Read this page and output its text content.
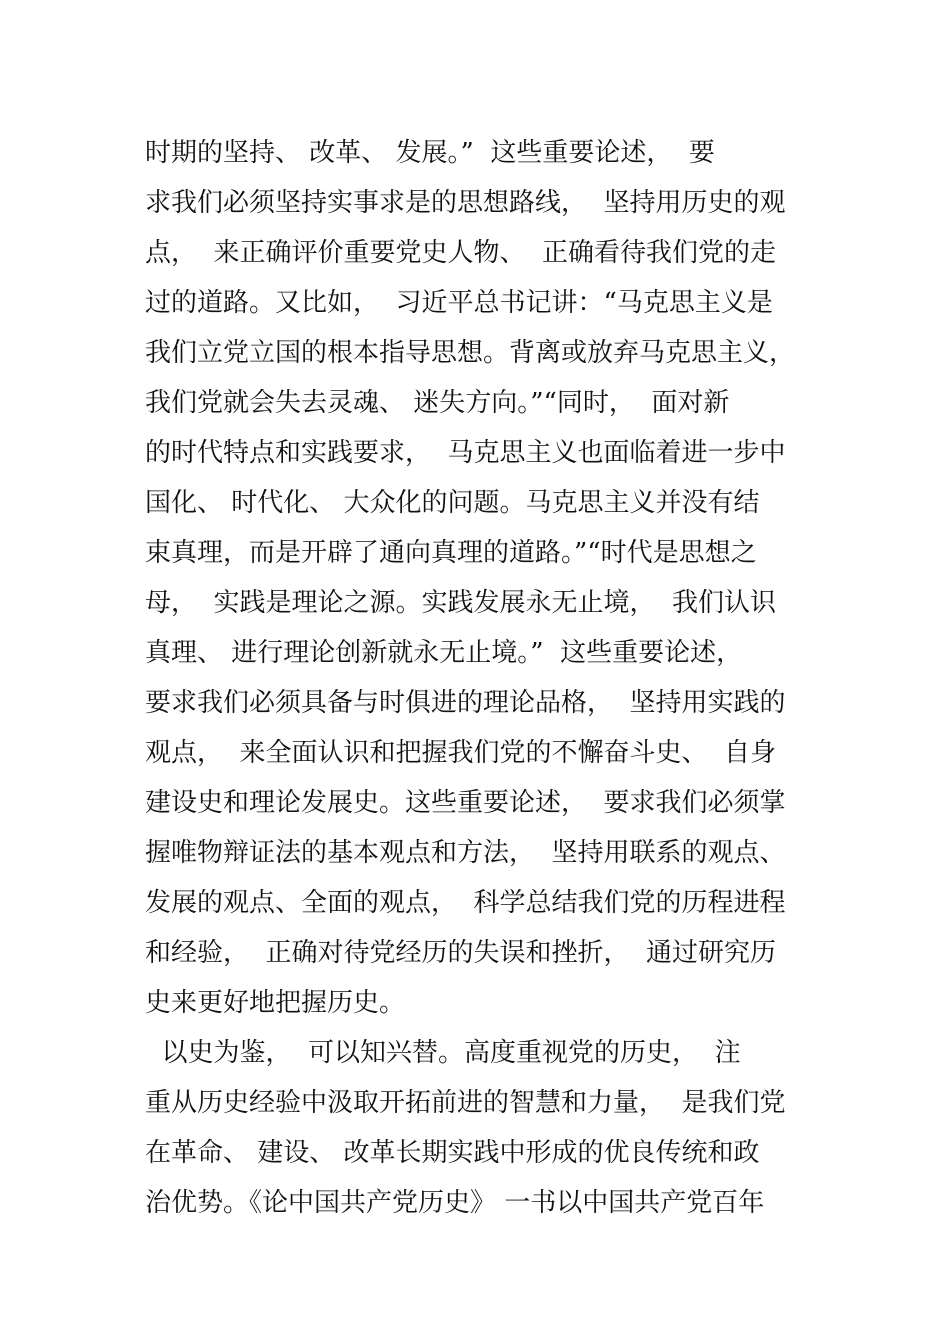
时期的坚持、 改革、 发展。”  这些重要论述，  要
求我们必须坚持实事求是的思想路线，  坚持用历史的观
点，  来正确评价重要党史人物、  正确看待我们党的走
过的道路。又比如，  习近平总书记讲：“马克思主义是
我们立党立国的根本指导思想。背离或放弃马克思主义，
我们党就会失去灵魂、 迷失方向。”“同时，  面对新
的时代特点和实践要求，  马克思主义也面临着进一步中
国化、 时代化、 大众化的问题。马克思主义并没有结
束真理，而是开辟了通向真理的道路。”“时代是思想之
母，  实践是理论之源。实践发展永无止境，  我们认识
真理、 进行理论创新就永无止境。”  这些重要论述，
要求我们必须具备与时俱进的理论品格，  坚持用实践的
观点，  来全面认识和把握我们党的不懈奋斗史、  自身
建设史和理论发展史。这些重要论述，  要求我们必须掌
握唯物辩证法的基本观点和方法，  坚持用联系的观点、
发展的观点、全面的观点，  科学总结我们党的历程进程
和经验，  正确对待党经历的失误和挫折，  通过研究历
史来更好地把握历史。
以史为鉴，  可以知兴替。高度重视党的历史，  注
重从历史经验中汲取开拓前进的智慧和力量，  是我们党
在革命、 建设、 改革长期实践中形成的优良传统和政
治优势。《论中国共产党历史》 一书以中国共产党百年
